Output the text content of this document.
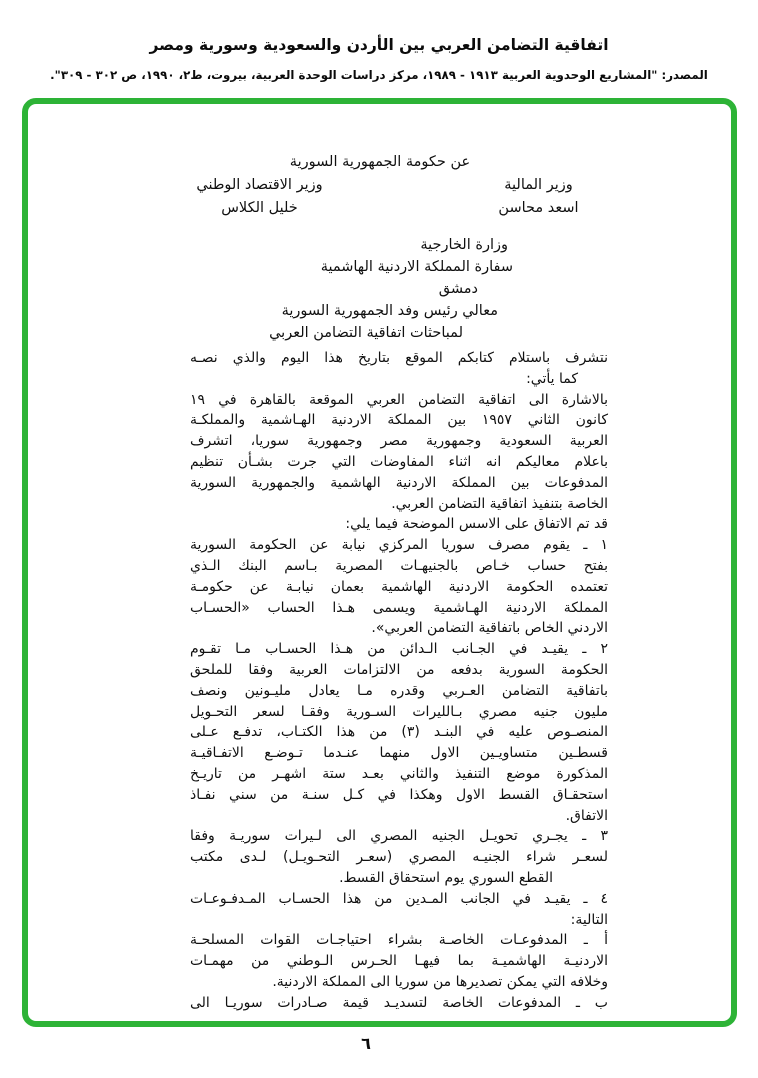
اتفاقية التضامن العربي بين الأردن والسعودية وسورية ومصر
المصدر: "المشاريع الوحدوية العربية ١٩١٣ - ١٩٨٩، مركز دراسات الوحدة العربية، بيروت، ط٢، ١٩٩٠، ص ٣٠٢ - ٣٠٩".
عن حكومة الجمهورية السورية
وزير المالية
وزير الاقتصاد الوطني
اسعد محاسن
خليل الكلاس
وزارة الخارجية
سفارة المملكة الاردنية الهاشمية
دمشق
معالي رئيس وفد الجمهورية السورية
لمباحثات اتفاقية التضامن العربي
نتشرف باستلام كتابكم الموقع بتاريخ هذا اليوم والذي نصـه
كما يأتي:
بالاشارة الى اتفاقية التضامن العربي الموقعة بالقاهرة في ١٩
كانون الثاني ١٩٥٧ بين المملكة الاردنية الهـاشمية والمملكـة
العربية السعودية وجمهورية مصر وجمهورية سوريا، اتشرف
باعلام معاليكم انه اثناء المفاوضات التي جرت بشـأن تنظيم
المدفوعات بين المملكة الاردنية الهاشمية والجمهورية السورية
الخاصة بتنفيذ اتفاقية التضامن العربي.
قد تم الاتفاق على الاسس الموضحة فيما يلي:
١ ـ يقوم مصرف سوريا المركزي نيابة عن الحكومة السورية
بفتح حساب خـاص بالجنيهـات المصرية بـاسم البنك الـذي
تعتمده الحكومة الاردنية الهاشمية بعمان نيابـة عن حكومـة
المملكة الاردنية الهـاشمية ويسمى هـذا الحساب «الحسـاب
الاردني الخاص باتفاقية التضامن العربي».
٢ ـ يقيـد في الجـانب الـدائن من هـذا الحسـاب مـا تقـوم
الحكومة السورية بدفعه من الالتزامات العربية وفقا للملحق
باتفاقية التضامن العـربي وقدره مـا يعادل مليـونين ونصف
مليون جنيه مصري بـالليرات السـورية وفقـا لسعر التحـويل
المنصـوص عليه في البنـد (٣) من هذا الكتـاب، تدفـع عـلى
قسطـين متساويـين الاول منهما عنـدما تـوضـع الاتفـاقيـة
المذكورة موضع التنفيذ والثاني بعـد ستة اشهـر من تاريـخ
استحقـاق القسط الاول وهكذا في كـل سنـة من سني نفـاذ
الاتفاق.
٣ ـ يجـري تحويـل الجنيه المصري الى لـيرات سوريـة وفقا
لسعـر شراء الجنيـه المصري (سعـر التحـويـل) لـدى مكتب
القطع السوري يوم استحقاق القسط.
٤ ـ يقيـد في الجانب المـدين من هذا الحسـاب المـدفـوعـات
التالية:
أ ـ المدفوعـات الخاصـة بشراء احتياجـات القوات المسلحـة
الاردنيـة الهاشميـة بما فيهـا الحـرس الـوطني من مهمـات
وخلافه التي يمكن تصديرها من سوريا الى المملكة الاردنية.
ب ـ المدفوعات الخاصة لتسديـد قيمة صـادرات سوريـا الى
٦
